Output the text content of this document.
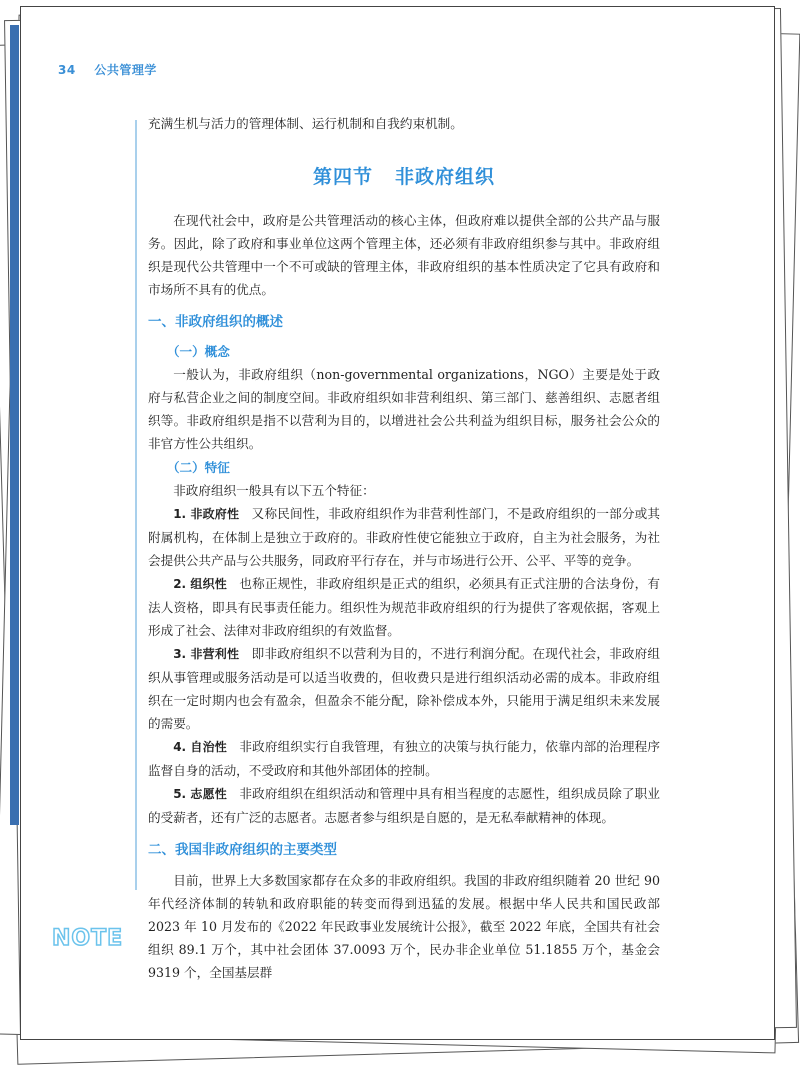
34 公共管理学
NOTE

充满生机与活力的管理体制、运行机制和自我约束机制。

第四节 非政府组织

在现代社会中，政府是公共管理活动的核心主体，但政府难以提供全部的公共产品与服务。因此，除了政府和事业单位这两个管理主体，还必须有非政府组织参与其中。非政府组织是现代公共管理中一个不可或缺的管理主体，非政府组织的基本性质决定了它具有政府和市场所不具有的优点。

一、非政府组织的概述
（一）概念

一般认为，非政府组织（non-governmental organizations，NGO）主要是处于政府与私营企业之间的制度空间。非政府组织如非营利组织、第三部门、慈善组织、志愿者组织等。非政府组织是指不以营利为目的，以增进社会公共利益为组织目标，服务社会公众的非官方性公共组织。

（二）特征

非政府组织一般具有以下五个特征：

1. 非政府性 又称民间性，非政府组织作为非营利性部门，不是政府组织的一部分或其附属机构，在体制上是独立于政府的。非政府性使它能独立于政府，自主为社会服务，为社会提供公共产品与公共服务，同政府平行存在，并与市场进行公开、公平、平等的竞争。

2. 组织性 也称正规性，非政府组织是正式的组织，必须具有正式注册的合法身份，有法人资格，即具有民事责任能力。组织性为规范非政府组织的行为提供了客观依据，客观上形成了社会、法律对非政府组织的有效监督。

3. 非营利性 即非政府组织不以营利为目的，不进行利润分配。在现代社会，非政府组织从事管理或服务活动是可以适当收费的，但收费只是进行组织活动必需的成本。非政府组织在一定时期内也会有盈余，但盈余不能分配，除补偿成本外，只能用于满足组织未来发展的需要。

4. 自治性 非政府组织实行自我管理，有独立的决策与执行能力，依靠内部的治理程序监督自身的活动，不受政府和其他外部团体的控制。

5. 志愿性 非政府组织在组织活动和管理中具有相当程度的志愿性，组织成员除了职业的受薪者，还有广泛的志愿者。志愿者参与组织是自愿的，是无私奉献精神的体现。

二、我国非政府组织的主要类型

目前，世界上大多数国家都存在众多的非政府组织。我国的非政府组织随着 20 世纪 90 年代经济体制的转轨和政府职能的转变而得到迅猛的发展。根据中华人民共和国民政部 2023 年 10 月发布的《2022 年民政事业发展统计公报》，截至 2022 年底，全国共有社会组织 89.1 万个，其中社会团体 37.0093 万个，民办非企业单位 51.1855 万个，基金会 9319 个，全国基层群
